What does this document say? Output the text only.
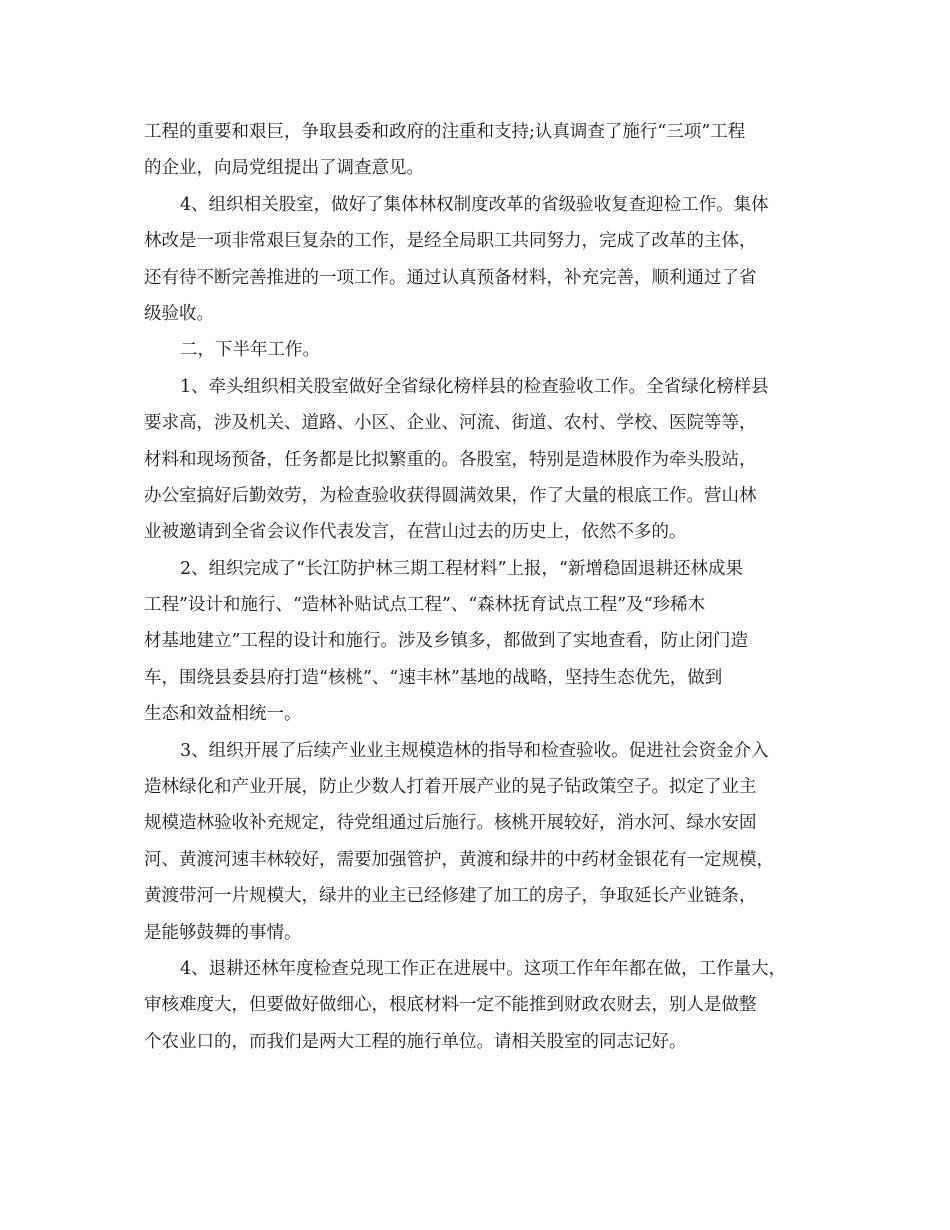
工程的重要和艰巨，争取县委和政府的注重和支持;认真调查了施行“三项”工程
的企业，向局党组提出了调查意见。
4、组织相关股室，做好了集体林权制度改革的省级验收复查迎检工作。集体
林改是一项非常艰巨复杂的工作，是经全局职工共同努力，完成了改革的主体，
还有待不断完善推进的一项工作。通过认真预备材料，补充完善，顺利通过了省
级验收。
二，下半年工作。
1、牵头组织相关股室做好全省绿化榜样县的检查验收工作。全省绿化榜样县
要求高，涉及机关、道路、小区、企业、河流、街道、农村、学校、医院等等，
材料和现场预备，任务都是比拟繁重的。各股室，特别是造林股作为牵头股站，
办公室搞好后勤效劳，为检查验收获得圆满效果，作了大量的根底工作。营山林
业被邀请到全省会议作代表发言，在营山过去的历史上，依然不多的。
2、组织完成了“长江防护林三期工程材料”上报，“新增稳固退耕还林成果
工程”设计和施行、“造林补贴试点工程”、“森林抚育试点工程”及“珍稀木
材基地建立”工程的设计和施行。涉及乡镇多，都做到了实地查看，防止闭门造
车，围绕县委县府打造“核桃”、“速丰林”基地的战略，坚持生态优先，做到
生态和效益相统一。
3、组织开展了后续产业业主规模造林的指导和检查验收。促进社会资金介入
造林绿化和产业开展，防止少数人打着开展产业的晃子钻政策空子。拟定了业主
规模造林验收补充规定，待党组通过后施行。核桃开展较好，消水河、绿水安固
河、黄渡河速丰林较好，需要加强管护，黄渡和绿井的中药材金银花有一定规模，
黄渡带河一片规模大，绿井的业主已经修建了加工的房子，争取延长产业链条，
是能够鼓舞的事情。
4、退耕还林年度检查兑现工作正在进展中。这项工作年年都在做，工作量大，
审核难度大，但要做好做细心，根底材料一定不能推到财政农财去，别人是做整
个农业口的，而我们是两大工程的施行单位。请相关股室的同志记好。
